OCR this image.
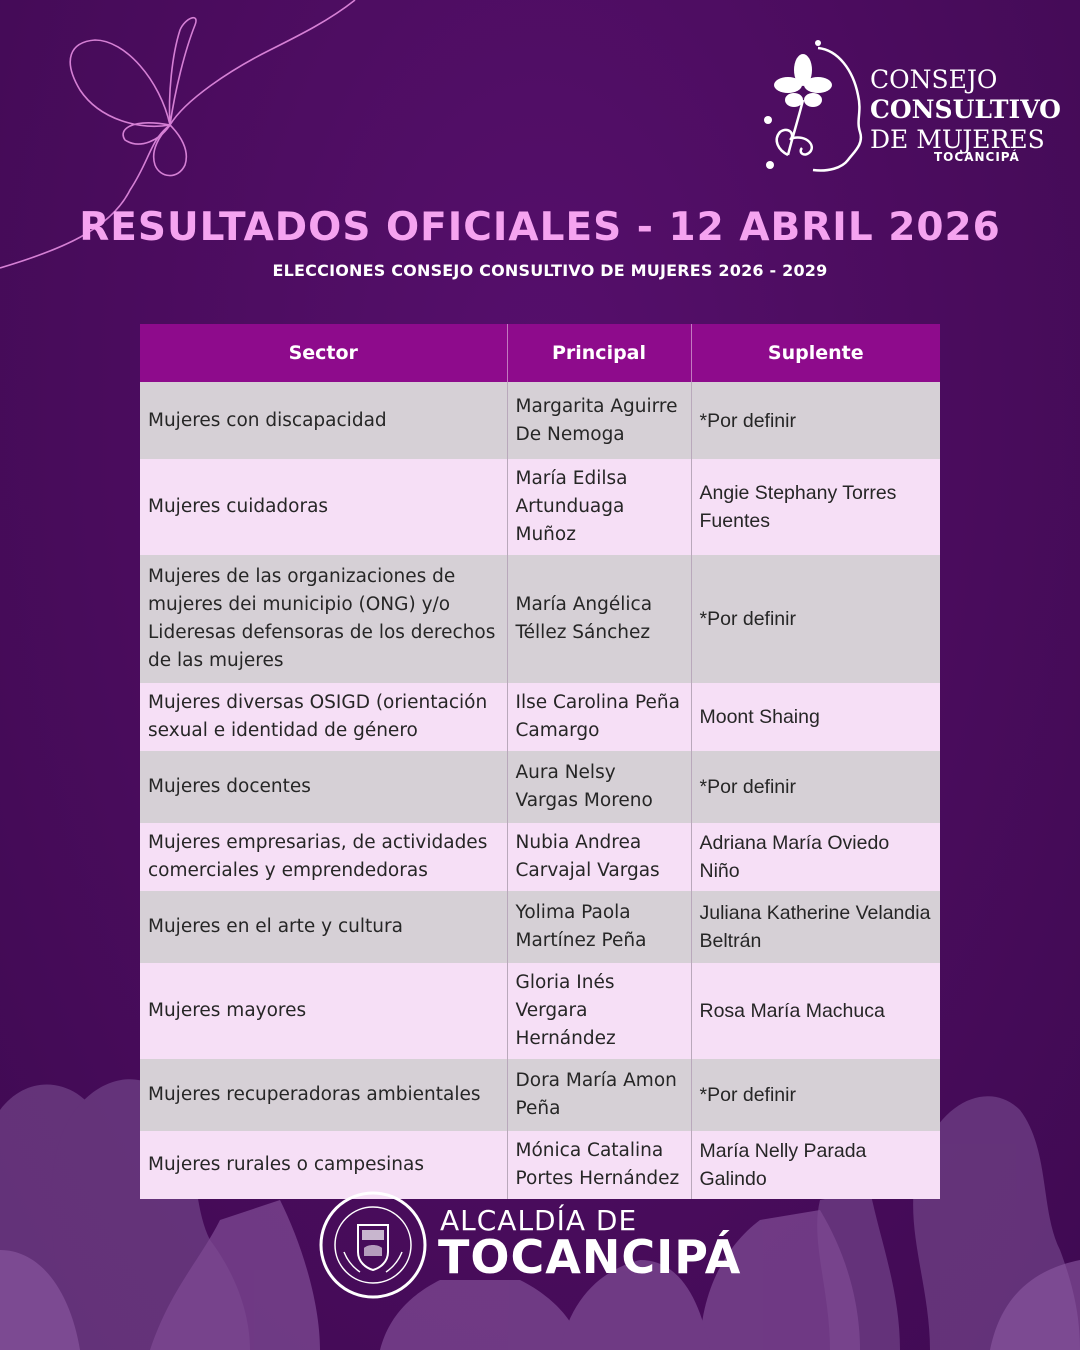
CONSEJO
CONSULTIVO
DE MUJERES
TOCANCIPÁ
RESULTADOS OFICIALES - 12 ABRIL 2026
ELECCIONES CONSEJO CONSULTIVO DE MUJERES 2026 - 2029
Sector	Principal	Suplente
Mujeres con discapacidad	Margarita Aguirre De Nemoga	*Por definir
Mujeres cuidadoras	María Edilsa Artunduaga Muñoz	Angie Stephany Torres Fuentes
Mujeres de las organizaciones de mujeres dei municipio (ONG) y/o Lideresas defensoras de los derechos de las mujeres	María Angélica Téllez Sánchez	*Por definir
Mujeres diversas OSIGD (orientación sexual e identidad de género	Ilse Carolina Peña Camargo	Moont Shaing
Mujeres docentes	Aura Nelsy Vargas Moreno	*Por definir
Mujeres empresarias, de actividades comerciales y emprendedoras	Nubia Andrea Carvajal Vargas	Adriana María Oviedo Niño
Mujeres en el arte y cultura	Yolima Paola Martínez Peña	Juliana Katherine Velandia Beltrán
Mujeres mayores	Gloria Inés Vergara Hernández	Rosa María Machuca
Mujeres recuperadoras ambientales	Dora María Amon Peña	*Por definir
Mujeres rurales o campesinas	Mónica Catalina Portes Hernández	María Nelly Parada Galindo
ALCALDÍA DE
TOCANCIPÁ
